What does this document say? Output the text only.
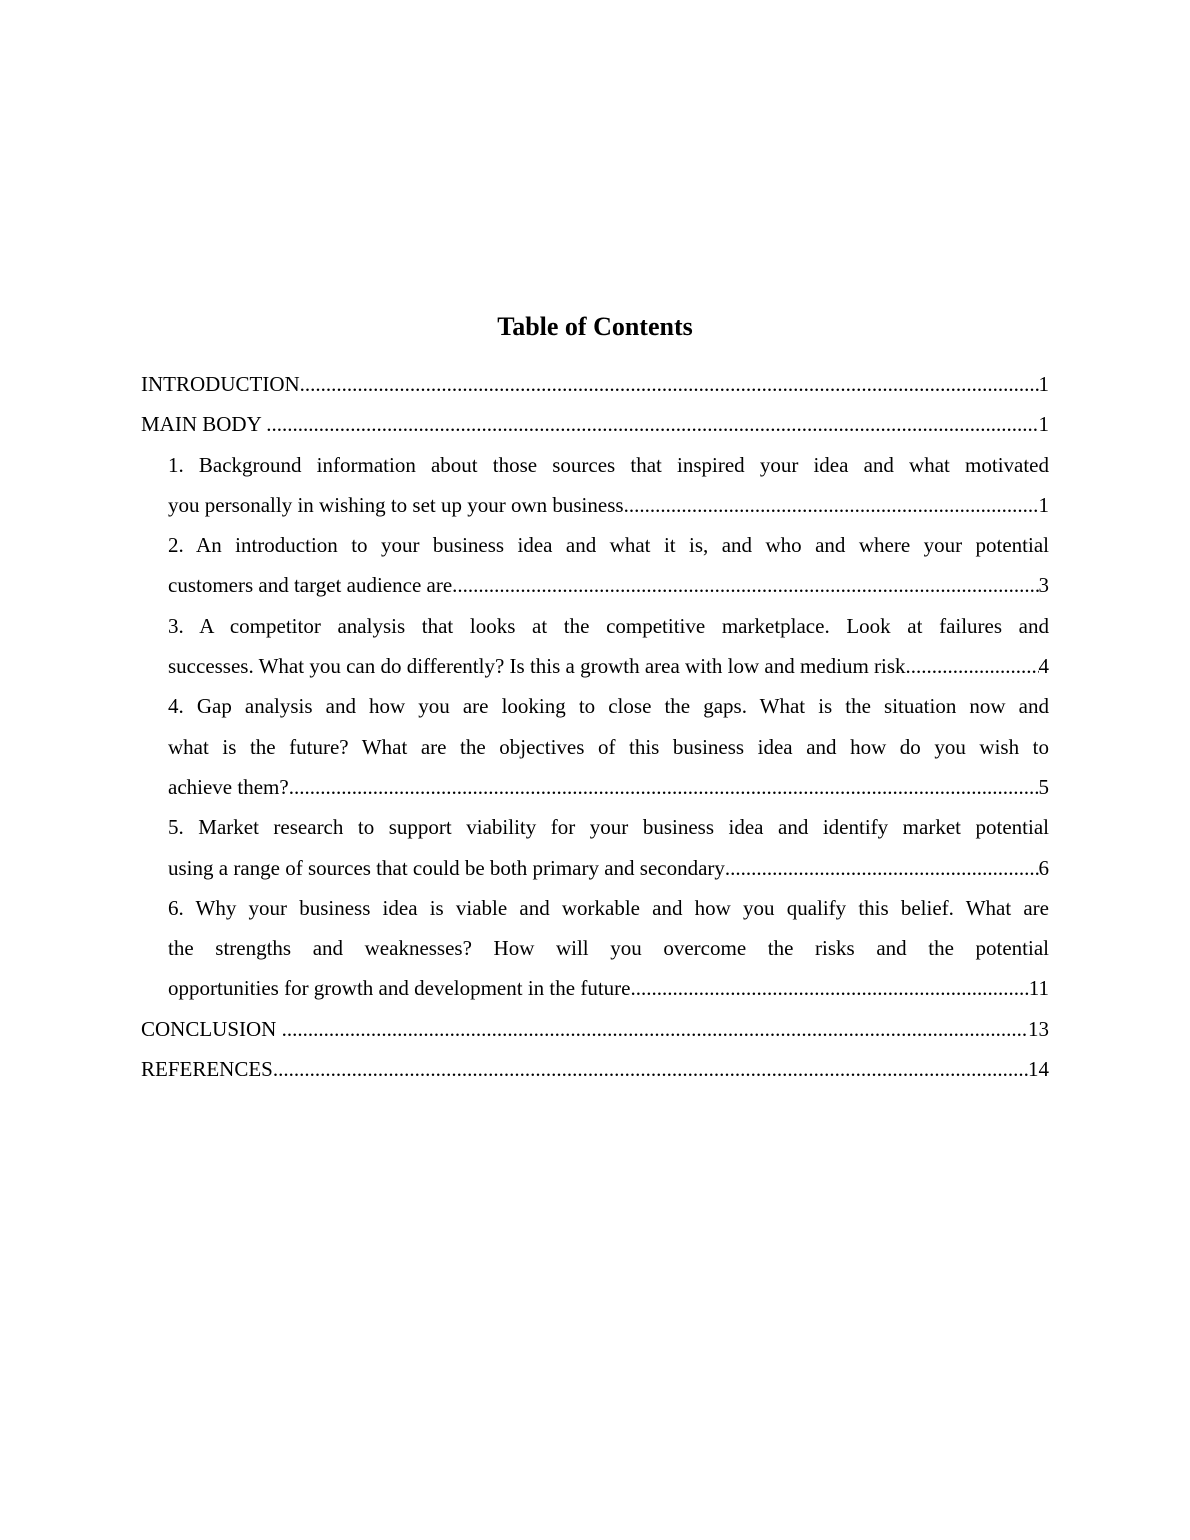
Table of Contents
INTRODUCTION .....	1
MAIN BODY .....	1
1. Background information about those sources that inspired your idea and what motivated
you personally in wishing to set up your own business .....	1
2. An introduction to your business idea and what it is, and who and where your potential
customers and target audience are .....	3
3. A competitor analysis that looks at the competitive marketplace. Look at failures and
successes. What you can do differently? Is this a growth area with low and medium risk .....	4
4. Gap analysis and how you are looking to close the gaps. What is the situation now and
what is the future? What are the objectives of this business idea and how do you wish to
achieve them? .....	5
5. Market research to support viability for your business idea and identify market potential
using a range of sources that could be both primary and secondary .....	6
6. Why your business idea is viable and workable and how you qualify this belief. What are
the strengths and weaknesses? How will you overcome the risks and the potential
opportunities for growth and development in the future .....	11
CONCLUSION .....	13
REFERENCES .....	14
